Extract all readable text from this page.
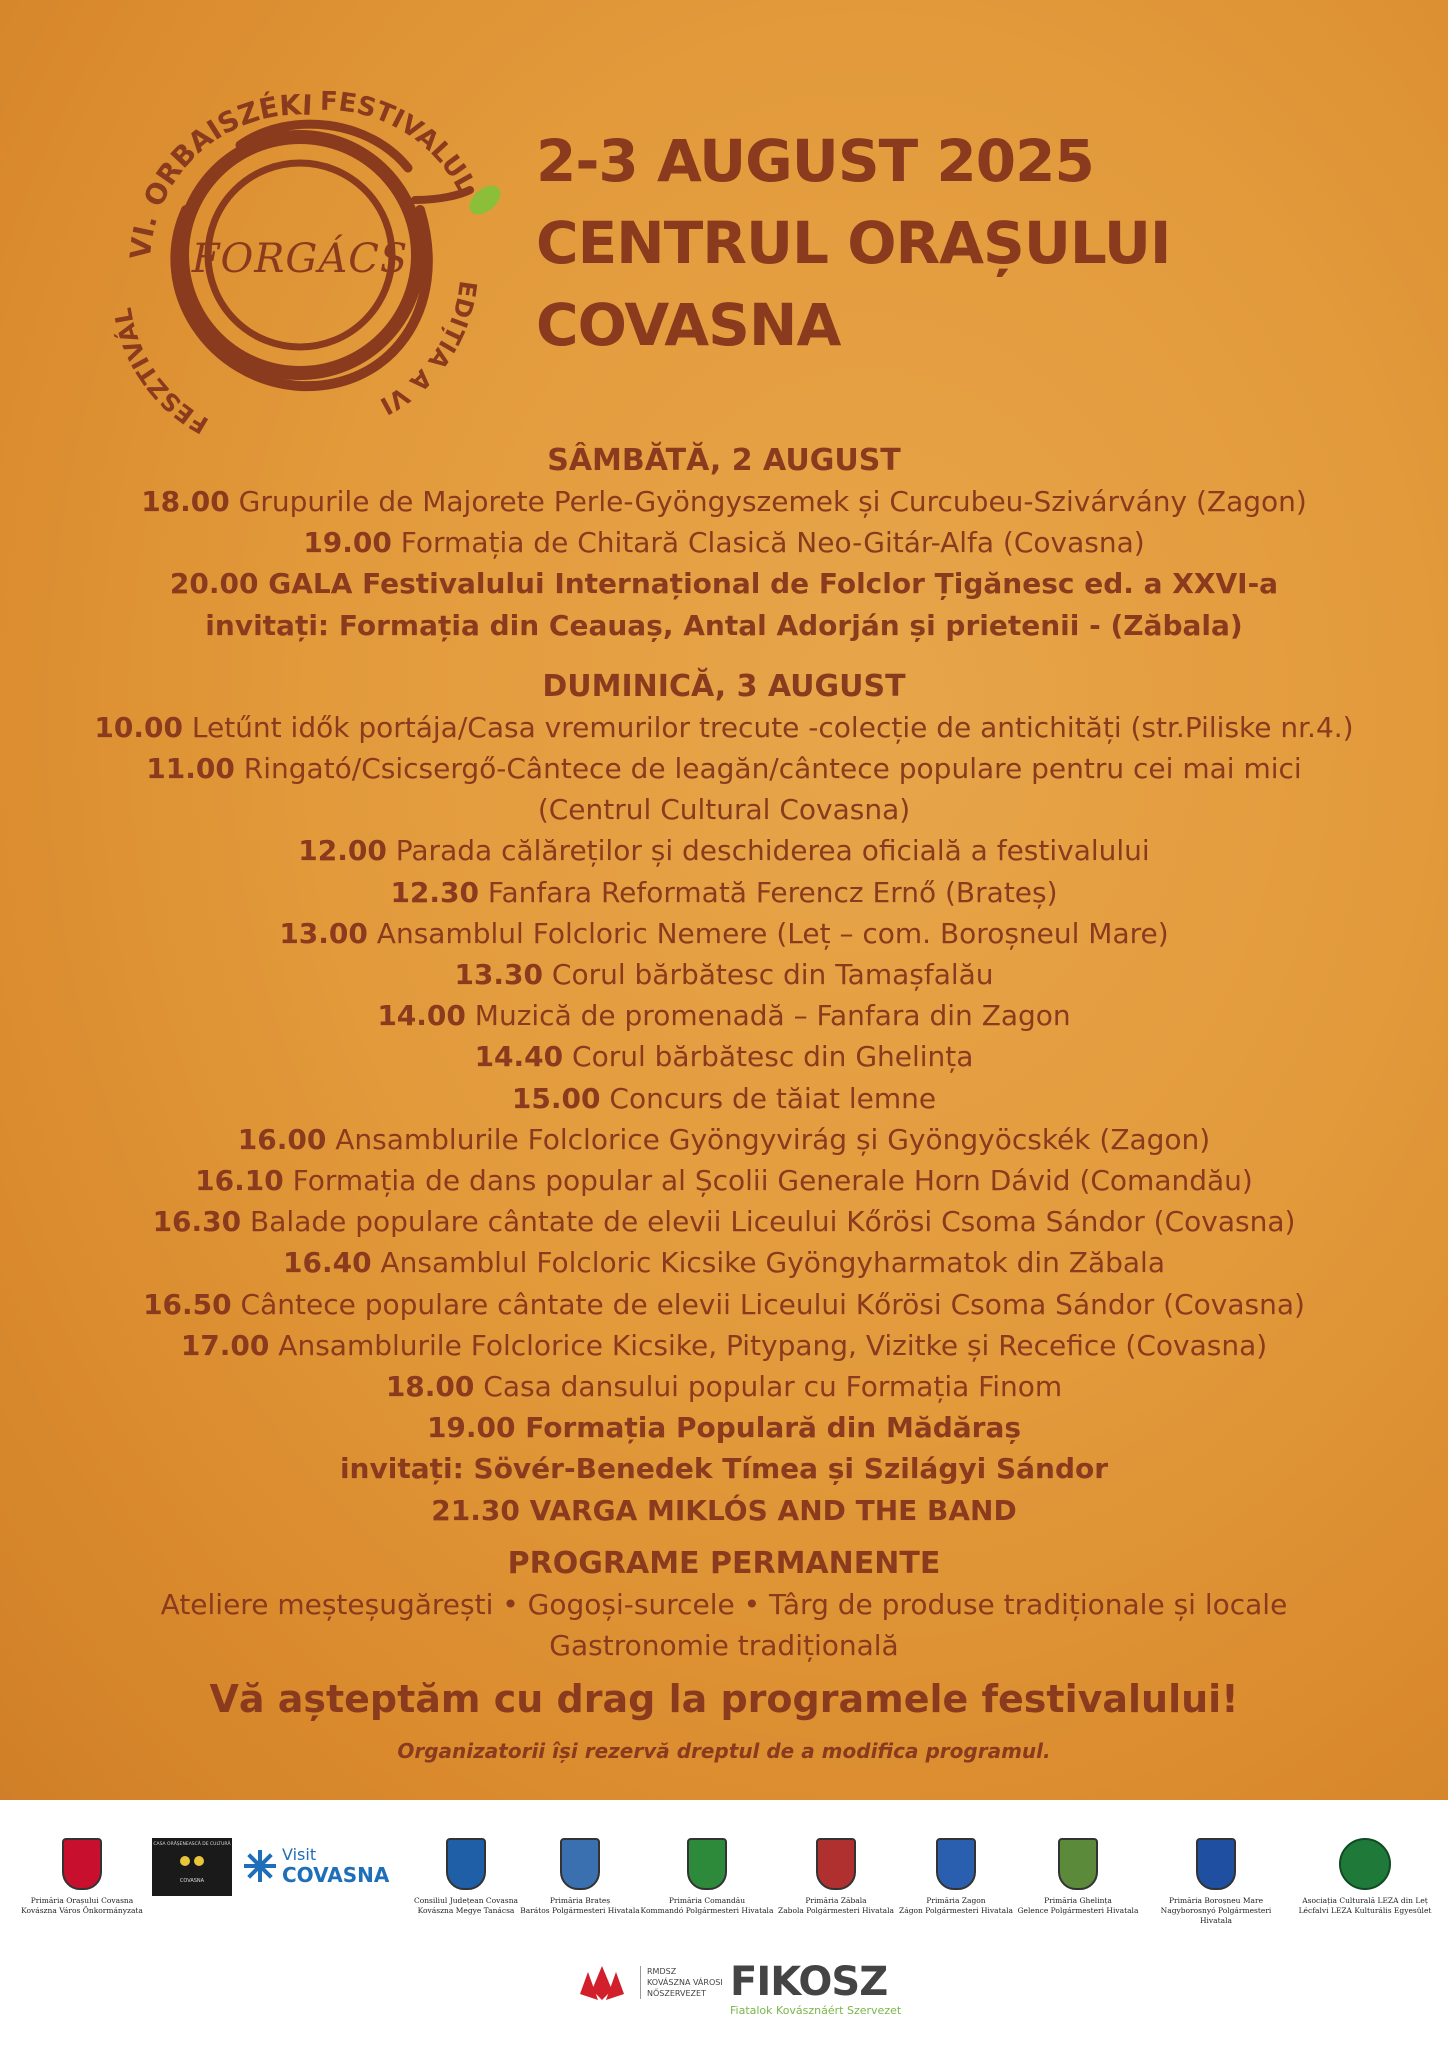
VI. ORBAISZÉKI FESTIVALUL
EDIȚIA A VI
FESZTIVÁL
FORGÁCS
2-3 AUGUST 2025
CENTRUL ORAȘULUI
COVASNA
SÂMBĂTĂ, 2 AUGUST
18.00 Grupurile de Majorete Perle-Gyöngyszemek și Curcubeu-Szivárvány (Zagon)
19.00 Formația de Chitară Clasică Neo-Gitár-Alfa (Covasna)
20.00 GALA Festivalului Internațional de Folclor Țigănesc ed. a XXVI-a
invitați: Formația din Ceauaș, Antal Adorján și prietenii - (Zăbala)
DUMINICĂ, 3 AUGUST
10.00 Letűnt idők portája/Casa vremurilor trecute -colecție de antichități (str.Piliske nr.4.)
11.00 Ringató/Csicsergő-Cântece de leagăn/cântece populare pentru cei mai mici
(Centrul Cultural Covasna)
12.00 Parada călăreților și deschiderea oficială a festivalului
12.30 Fanfara Reformată Ferencz Ernő (Brateș)
13.00 Ansamblul Folcloric Nemere (Leț – com. Boroșneul Mare)
13.30 Corul bărbătesc din Tamașfalău
14.00 Muzică de promenadă – Fanfara din Zagon
14.40 Corul bărbătesc din Ghelința
15.00 Concurs de tăiat lemne
16.00 Ansamblurile Folclorice Gyöngyvirág și Gyöngyöcskék (Zagon)
16.10 Formația de dans popular al Școlii Generale Horn Dávid (Comandău)
16.30 Balade populare cântate de elevii Liceului Kőrösi Csoma Sándor (Covasna)
16.40 Ansamblul Folcloric Kicsike Gyöngyharmatok din Zăbala
16.50 Cântece populare cântate de elevii Liceului Kőrösi Csoma Sándor (Covasna)
17.00 Ansamblurile Folclorice Kicsike, Pitypang, Vizitke și Recefice (Covasna)
18.00 Casa dansului popular cu Formația Finom
19.00 Formația Populară din Mădăraș
invitați: Sövér-Benedek Tímea și Szilágyi Sándor
21.30 VARGA MIKLÓS AND THE BAND
PROGRAME PERMANENTE
Ateliere meșteșugărești • Gogoși-surcele • Târg de produse tradiționale și locale
Gastronomie tradițională
Vă așteptăm cu drag la programele festivalului!
Organizatorii își rezervă dreptul de a modifica programul.
Primăria Orașului Covasna
Kovászna Város Önkormányzata
CASA ORĂȘENEASCĂ DE CULTURĂ
COVASNA
Visit
COVASNA
Consiliul Județean Covasna
Kovászna Megye Tanácsa
Primăria Brateș
Barátos Polgármesteri Hivatala
Primăria Comandău
Kommandó Polgármesteri Hivatala
Primăria Zăbala
Zabola Polgármesteri Hivatala
Primăria Zagon
Zágon Polgármesteri Hivatala
Primăria Ghelința
Gelence Polgármesteri Hivatala
Primăria Boroșneu Mare
Nagyborosnyó Polgármesteri Hivatala
Asociația Culturală LEZA din Leț
Lécfalvi LEZA Kulturális Egyesület
RMDSZ
KOVÁSZNA VÁROSI
NŐSZERVEZET FIKOSZ
Fiatalok Kovásznáért Szervezet
